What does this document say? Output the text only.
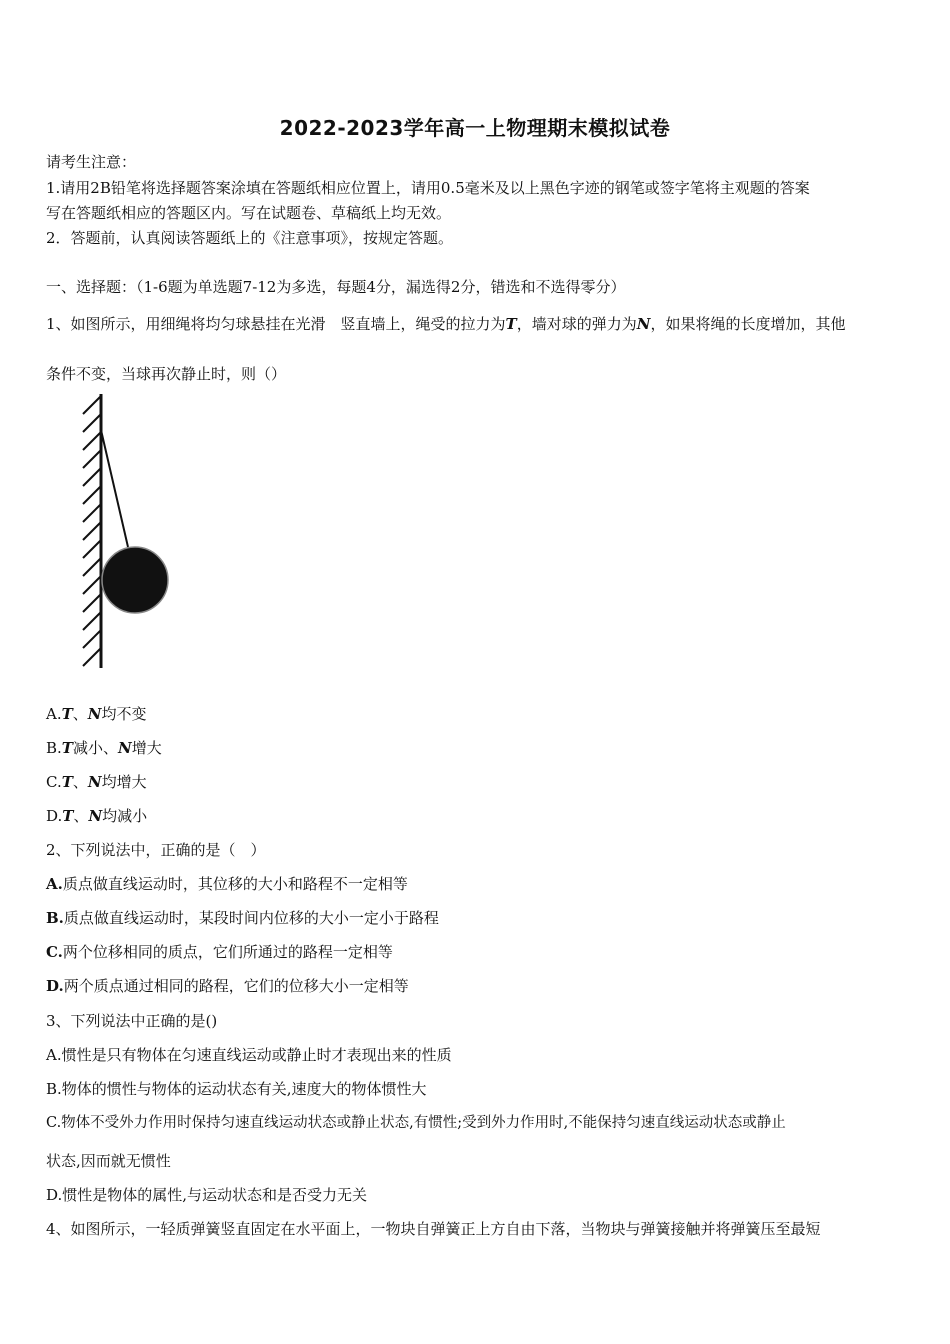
2022-2023学年高一上物理期末模拟试卷
请考生注意：
1.请用2B铅笔将选择题答案涂填在答题纸相应位置上，请用0.5毫米及以上黑色字迹的钢笔或签字笔将主观题的答案
写在答题纸相应的答题区内。写在试题卷、草稿纸上均无效。
2．答题前，认真阅读答题纸上的《注意事项》，按规定答题。
一、选择题：（1-6题为单选题7-12为多选，每题4分，漏选得2分，错选和不选得零分）
1、如图所示，用细绳将均匀球悬挂在光滑　竖直墙上，绳受的拉力为T，墙对球的弹力为N，如果将绳的长度增加，其他
条件不变，当球再次静止时，则（）
A.T、N均不变
B.T减小、N增大
C.T、N均增大
D.T、N均减小
2、下列说法中，正确的是（　）
A.质点做直线运动时，其位移的大小和路程不一定相等
B.质点做直线运动时，某段时间内位移的大小一定小于路程
C.两个位移相同的质点，它们所通过的路程一定相等
D.两个质点通过相同的路程，它们的位移大小一定相等
3、下列说法中正确的是()
A.惯性是只有物体在匀速直线运动或静止时才表现出来的性质
B.物体的惯性与物体的运动状态有关,速度大的物体惯性大
C.物体不受外力作用时保持匀速直线运动状态或静止状态,有惯性;受到外力作用时,不能保持匀速直线运动状态或静止
状态,因而就无惯性
D.惯性是物体的属性,与运动状态和是否受力无关
4、如图所示，一轻质弹簧竖直固定在水平面上，一物块自弹簧正上方自由下落，当物块与弹簧接触并将弹簧压至最短
